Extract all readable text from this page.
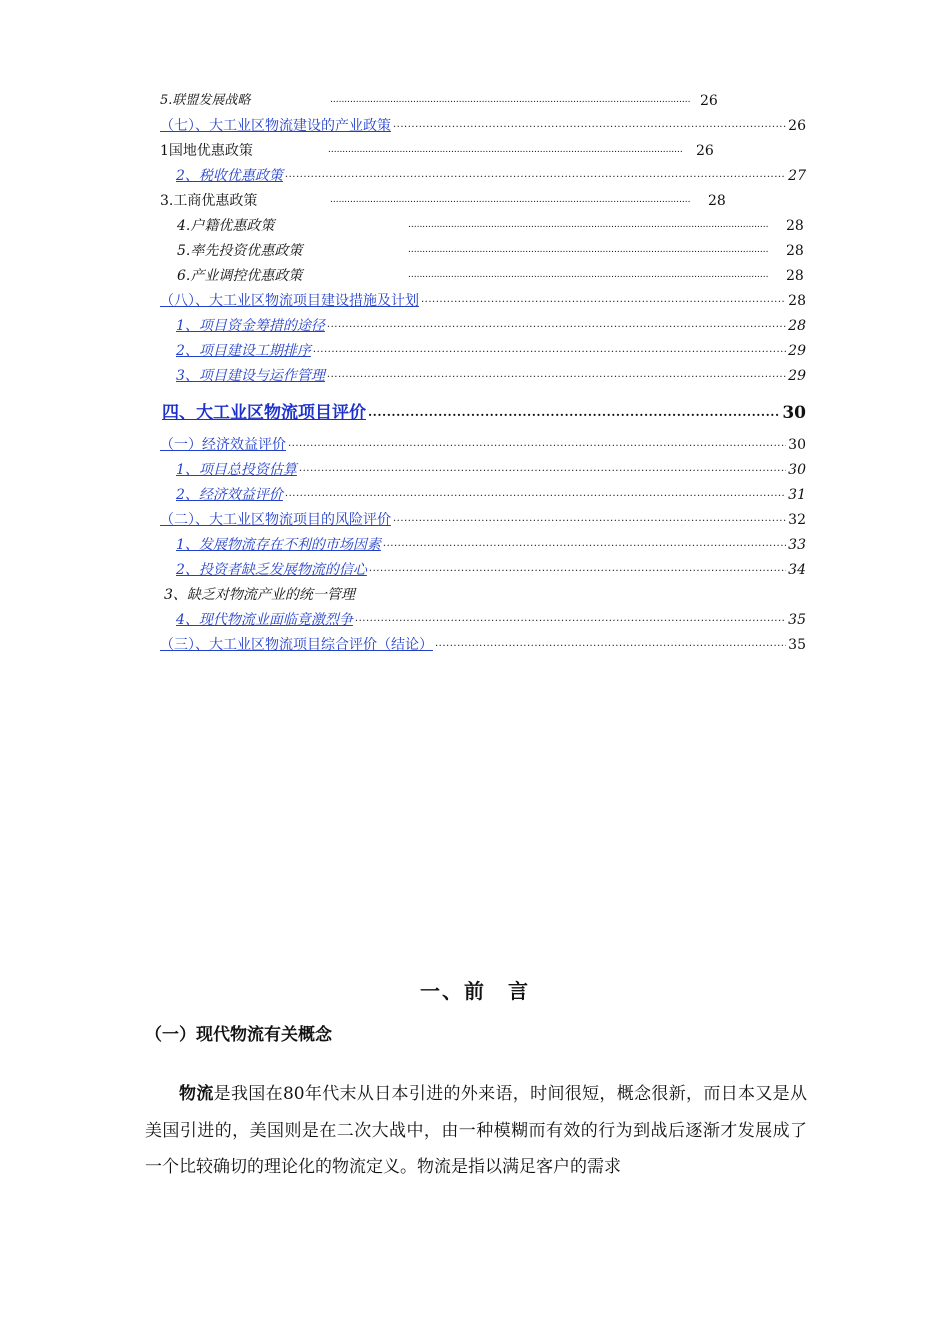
5.联盟发展战略 .....	26
（七）、大工业区物流建设的产业政策 .....	26
1国地优惠政策 .....	26
2、税收优惠政策 .....	27
3.工商优惠政策 .....	28
4.户籍优惠政策 .....	28
5.率先投资优惠政策 .....	28
6.产业调控优惠政策 .....	28
（八）、大工业区物流项目建设措施及计划 .....	28
1、项目资金筹措的途径 .....	28
2、项目建设工期排序 .....	29
3、项目建设与运作管理 .....	29
四、大工业区物流项目评价 .....	30
（一）经济效益评价 .....	30
1、项目总投资估算 .....	30
2、经济效益评价 .....	31
（二）、大工业区物流项目的风险评价 .....	32
1、发展物流存在不利的市场因素 .....	33
2、投资者缺乏发展物流的信心 .....	34
3、缺乏对物流产业的统一管理
4、现代物流业面临竟激烈争 .....	35
（三）、大工业区物流项目综合评价（结论） .....	35
一、前　言
（一）现代物流有关概念
物流是我国在80年代末从日本引进的外来语，时间很短，概念很新，而日本又是从美国引进的，美国则是在二次大战中，由一种模糊而有效的行为到战后逐渐才发展成了一个比较确切的理论化的物流定义。物流是指以满足客户的需求
